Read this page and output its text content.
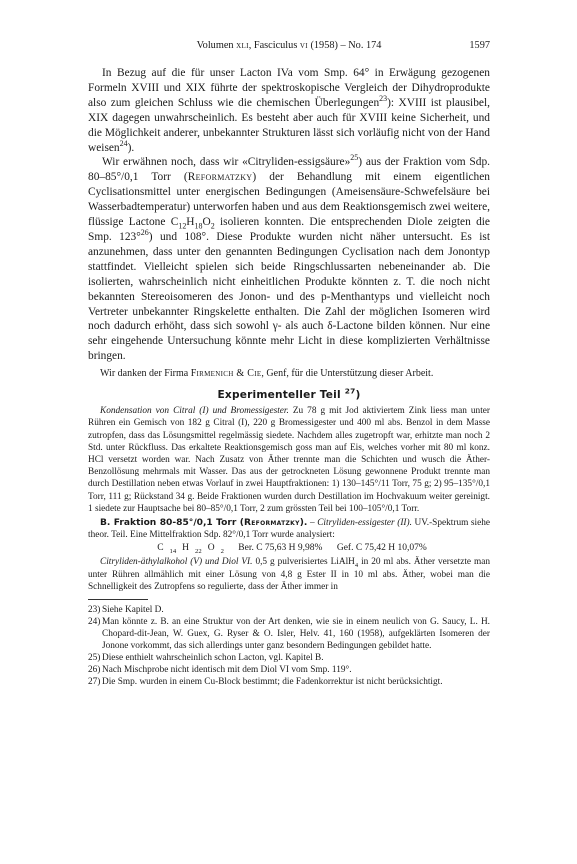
Volumen xli, Fasciculus vi (1958) – No. 174	1597

In Bezug auf die für unser Lacton IVa vom Smp. 64° in Erwägung gezogenen Formeln XVIII und XIX führte der spektroskopische Vergleich der Dihydroprodukte also zum gleichen Schluss wie die chemischen Überlegungen$^{23}$): XVIII ist plausibel, XIX dagegen unwahrscheinlich. Es besteht aber auch für XVIII keine Sicherheit, und die Möglichkeit anderer, unbekannter Strukturen lässt sich vorläufig nicht von der Hand weisen$^{24}$).

Wir erwähnen noch, dass wir «Citryliden-essigsäure»$^{25}$) aus der Fraktion vom Sdp. 80–85°/0,1 Torr (Reformatzky) der Behandlung mit einem eigentlichen Cyclisationsmittel unter energischen Bedingungen (Ameisensäure-Schwefelsäure bei Wasserbadtemperatur) unterworfen haben und aus dem Reaktionsgemisch zwei weitere, flüssige Lactone $C_{12}H_{18}O_2$ isolieren konnten. Die entsprechenden Diole zeigten die Smp. 123°$^{26}$) und 108°. Diese Produkte wurden nicht näher untersucht. Es ist anzunehmen, dass unter den genannten Bedingungen Cyclisation nach dem Jonontyp stattfindet. Vielleicht spielen sich beide Ringschlussarten nebeneinander ab. Die isolierten, wahrscheinlich nicht einheitlichen Produkte könnten z. T. die noch nicht bekannten Stereoisomeren des Jonon- und des p-Menthantyps und vielleicht noch Vertreter unbekannter Ringskelette enthalten. Die Zahl der möglichen Isomeren wird noch dadurch erhöht, dass sich sowohl γ- als auch δ-Lactone bilden können. Nur eine sehr eingehende Untersuchung könnte mehr Licht in diese komplizierten Verhältnisse bringen.

Wir danken der Firma Firmenich & Cie, Genf, für die Unterstützung dieser Arbeit.

Experimenteller Teil $^{27}$)

Kondensation von Citral (I) und Bromessigester. Zu 78 g mit Jod aktiviertem Zink liess man unter Rühren ein Gemisch von 182 g Citral (I), 220 g Bromessigester und 400 ml abs. Benzol in dem Masse zutropfen, dass das Lösungsmittel regelmässig siedete. Nachdem alles zugetropft war, erhitzte man noch 2 Std. unter Rückfluss. Das erkaltete Reaktionsgemisch goss man auf Eis, welches vorher mit 80 ml konz. HCl versetzt worden war. Nach Zusatz von Äther trennte man die Schichten und wusch die Äther-Benzollösung mehrmals mit Wasser. Das aus der getrockneten Lösung gewonnene Produkt trennte man durch Destillation neben etwas Vorlauf in zwei Hauptfraktionen: 1) 130–145°/11 Torr, 75 g; 2) 95–135°/0,1 Torr, 111 g; Rückstand 34 g. Beide Fraktionen wurden durch Destillation im Hochvakuum weiter gereinigt. 1 siedete zur Hauptsache bei 80–85°/0,1 Torr, 2 zum grössten Teil bei 100–105°/0,1 Torr.

B. Fraktion 80-85°/0,1 Torr (Reformatzky). – Citryliden-essigester (II). UV.-Spektrum siehe theor. Teil. Eine Mittelfraktion Sdp. 82°/0,1 Torr wurde analysiert:

C $_{14}$ H $_{22}$ O $_2$ Ber. C 75,63 H 9,98% Gef. C 75,42 H 10,07%

Citryliden-äthylalkohol (V) und Diol VI. 0,5 g pulverisiertes LiAlH$_4$ in 20 ml abs. Äther versetzte man unter Rühren allmählich mit einer Lösung von 4,8 g Ester II in 10 ml abs. Äther, wobei man die Schnelligkeit des Zutropfens so regulierte, dass der Äther immer in

23) Siehe Kapitel D.

24) Man könnte z. B. an eine Struktur von der Art denken, wie sie in einem neulich von G. Saucy, L. H. Chopard-dit-Jean, W. Guex, G. Ryser & O. Isler, Helv. 41, 160 (1958), aufgeklärten Isomeren der Jonone vorkommt, das sich allerdings unter ganz besondern Bedingungen gebildet hatte.

25) Diese enthielt wahrscheinlich schon Lacton, vgl. Kapitel B.

26) Nach Mischprobe nicht identisch mit dem Diol VI vom Smp. 119°.

27) Die Smp. wurden in einem Cu-Block bestimmt; die Fadenkorrektur ist nicht berücksichtigt.
